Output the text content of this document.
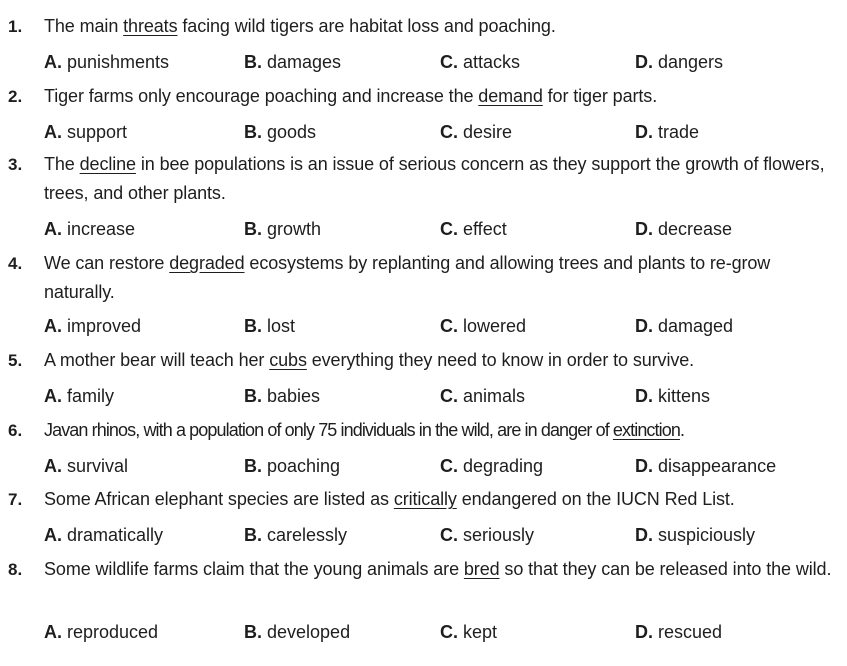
1. The main threats facing wild tigers are habitat loss and poaching.
A. punishments	B. damages	C. attacks	D. dangers
2. Tiger farms only encourage poaching and increase the demand for tiger parts.
A. support	B. goods	C. desire	D. trade
3. The decline in bee populations is an issue of serious concern as they support the growth of flowers, trees, and other plants.
A. increase	B. growth	C. effect	D. decrease
4. We can restore degraded ecosystems by replanting and allowing trees and plants to re-grow naturally.
A. improved	B. lost	C. lowered	D. damaged
5. A mother bear will teach her cubs everything they need to know in order to survive.
A. family	B. babies	C. animals	D. kittens
6. Javan rhinos, with a population of only 75 individuals in the wild, are in danger of extinction.
A. survival	B. poaching	C. degrading	D. disappearance
7. Some African elephant species are listed as critically endangered on the IUCN Red List.
A. dramatically	B. carelessly	C. seriously	D. suspiciously
8. Some wildlife farms claim that the young animals are bred so that they can be released into the wild.
A. reproduced	B. developed	C. kept	D. rescued
